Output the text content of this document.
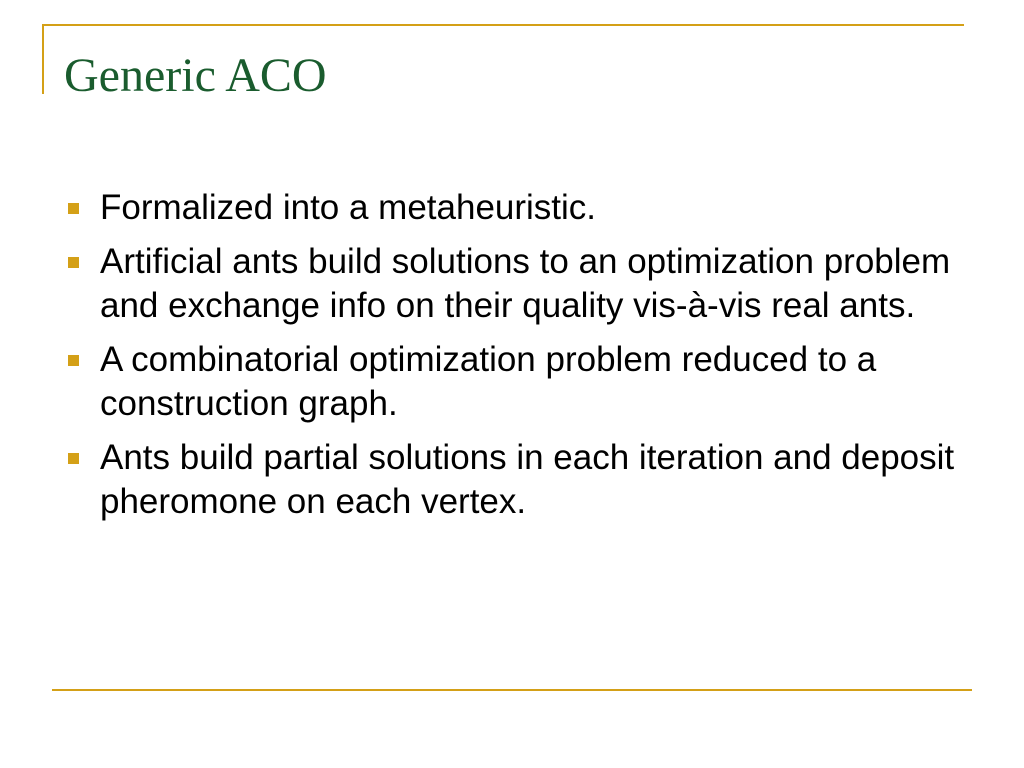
Generic ACO
Formalized into a metaheuristic.
Artificial ants build solutions to an optimization problem and exchange info on their quality vis-à-vis real ants.
A combinatorial optimization problem reduced to a construction graph.
Ants build partial solutions in each iteration and deposit pheromone on each vertex.
